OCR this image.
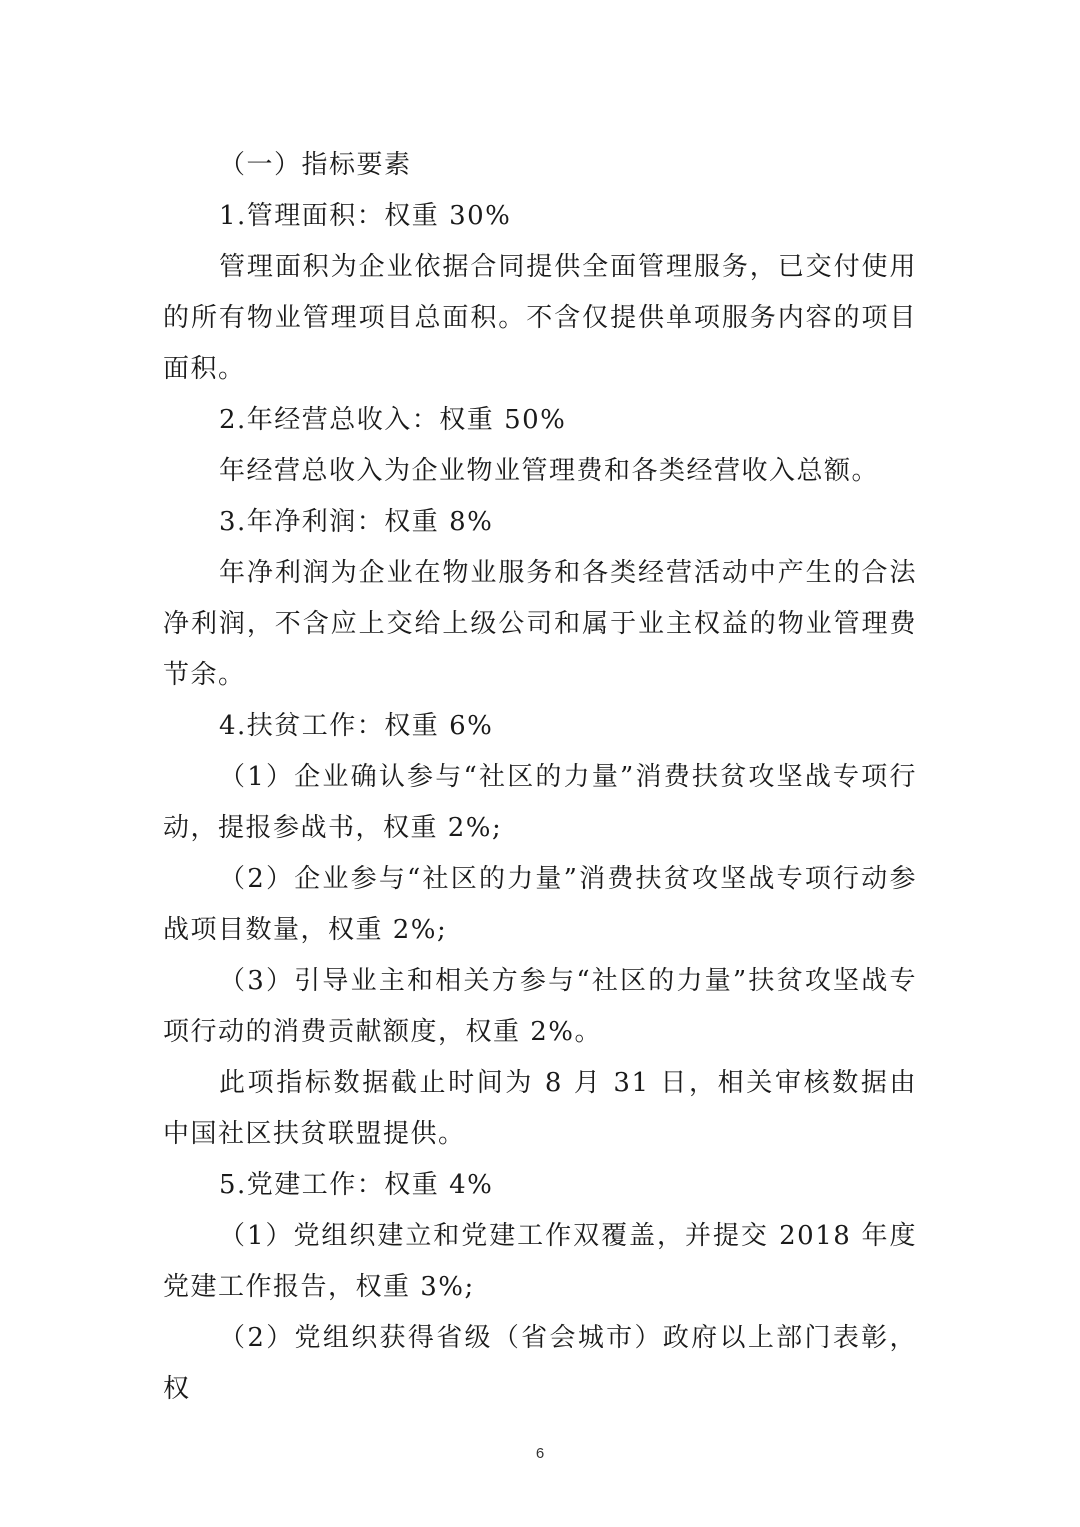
（一）指标要素

1.管理面积：权重 30%

管理面积为企业依据合同提供全面管理服务，已交付使用的所有物业管理项目总面积。不含仅提供单项服务内容的项目面积。

2.年经营总收入：权重 50%

年经营总收入为企业物业管理费和各类经营收入总额。

3.年净利润：权重 8%

年净利润为企业在物业服务和各类经营活动中产生的合法净利润，不含应上交给上级公司和属于业主权益的物业管理费节余。

4.扶贫工作：权重 6%

（1）企业确认参与“社区的力量”消费扶贫攻坚战专项行动，提报参战书，权重 2%;

（2）企业参与“社区的力量”消费扶贫攻坚战专项行动参战项目数量，权重 2%;

（3）引导业主和相关方参与“社区的力量”扶贫攻坚战专项行动的消费贡献额度，权重 2%。

此项指标数据截止时间为 8 月 31 日，相关审核数据由中国社区扶贫联盟提供。

5.党建工作：权重 4%

（1）党组织建立和党建工作双覆盖，并提交 2018 年度党建工作报告，权重 3%;

（2）党组织获得省级（省会城市）政府以上部门表彰，权

6
